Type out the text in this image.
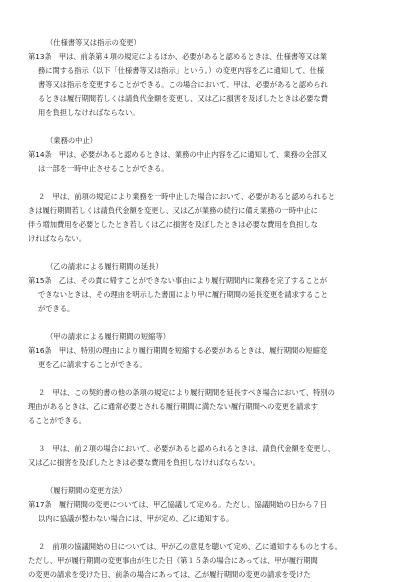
（仕様書等又は指示の変更）

第13条　甲は、前条第４項の規定によるほか、必要があると認めるときは、仕様書等又は業
務に関する指示（以下「仕様書等又は指示」という。）の変更内容を乙に通知して、仕様
書等又は指示を変更することができる。この場合において、甲は、必要があると認められ
るときは履行期間若しくは請負代金額を変更し、又は乙に損害を及ぼしたときは必要な費
用を負担しなければならない。

（業務の中止）

第14条　甲は、必要があると認めるときは、業務の中止内容を乙に通知して、業務の全部又
は一部を一時中止させることができる。

２　甲は、前項の規定により業務を一時中止した場合において、必要があると認められると
きは履行期間若しくは請負代金額を変更し、又は乙が業務の続行に備え業務の一時中止に
伴う増加費用を必要としたとき若しくは乙に損害を及ぼしたときは必要な費用を負担しな
ければならない。

（乙の請求による履行期間の延長）

第15条　乙は、その責に帰すことができない事由により履行期間内に業務を完了することが
できないときは、その理由を明示した書面により甲に履行期間の延長変更を請求すること
ができる。

（甲の請求による履行期間の短縮等）

第16条　甲は、特別の理由により履行期間を短縮する必要があるときは、履行期間の短縮変
更を乙に請求することができる。

２　甲は、この契約書の他の条項の規定により履行期間を延長すべき場合において、特別の
理由があるときは、乙に通常必要とされる履行期間に満たない履行期間への変更を請求す
ることができる。

３　甲は、前２項の場合において、必要があると認められるときは、請負代金額を変更し、
又は乙に損害を及ぼしたときは必要な費用を負担しなければならない。

（履行期間の変更方法）

第17条　履行期間の変更については、甲乙協議して定める。ただし、協議開始の日から７日
以内に協議が整わない場合には、甲が定め、乙に通知する。

２　前項の協議開始の日については、甲が乙の意見を聴いて定め、乙に通知するものとする。
ただし、甲が履行期間の変更事由が生じた日（第１５条の場合にあっては、甲が履行期間
の変更の請求を受けた日、前条の場合にあっては、乙が履行期間の変更の請求を受けた
